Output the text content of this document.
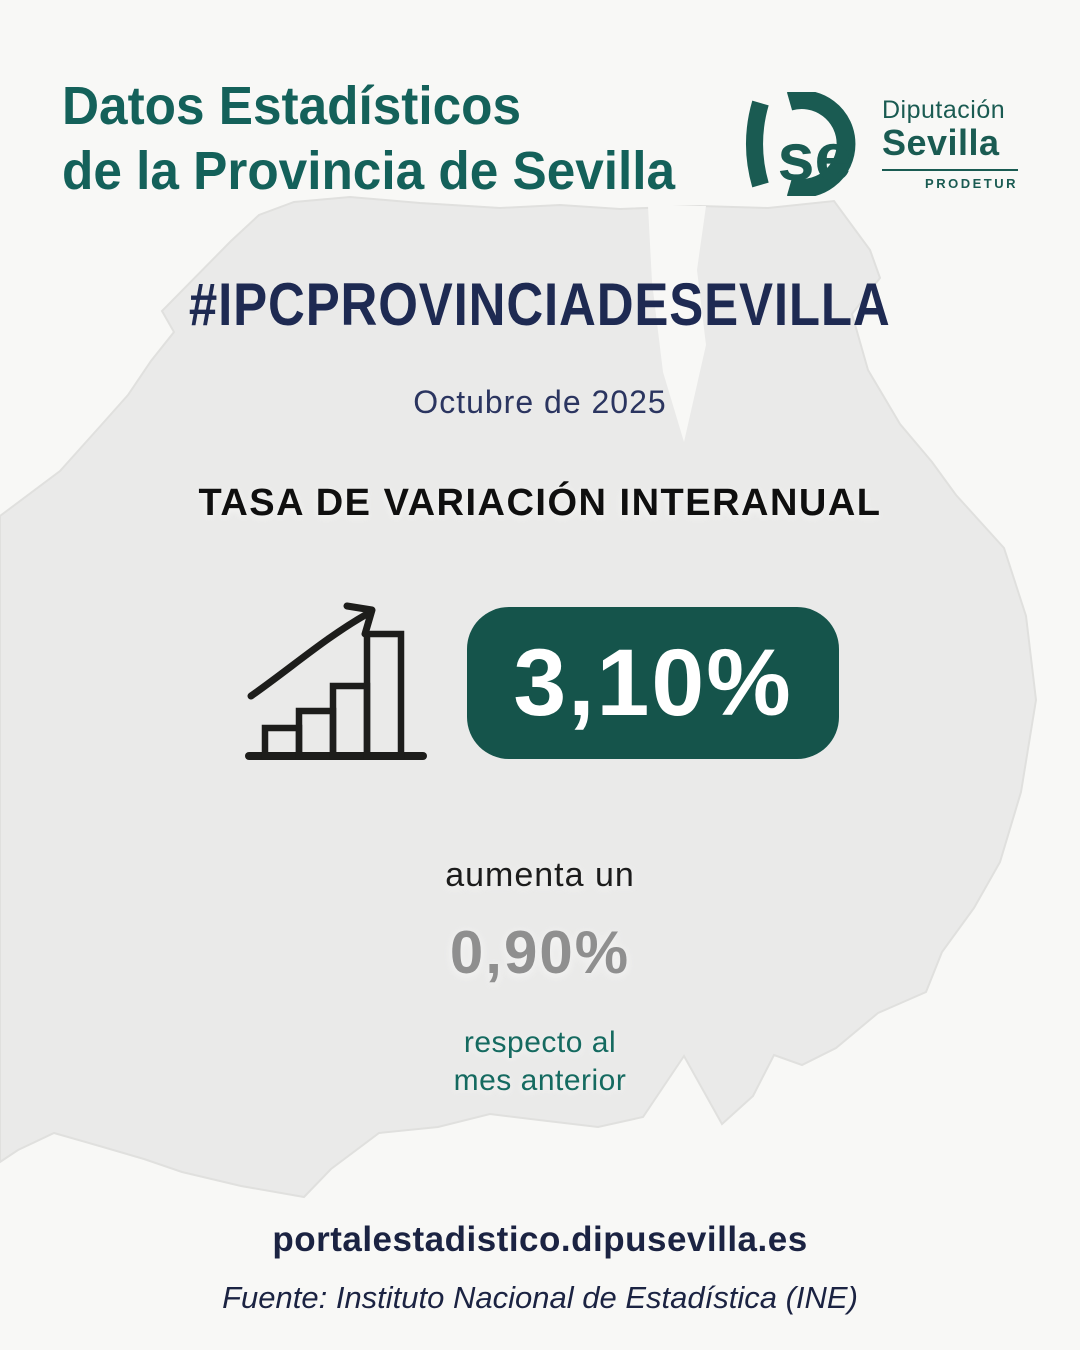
Datos Estadísticos
de la Provincia de Sevilla se
Diputación
Sevilla
PRODETUR
#IPCPROVINCIADESEVILLA
Octubre de 2025
TASA DE VARIACIÓN INTERANUAL
3,10%
aumenta un
0,90%
respecto al
mes anterior
portalestadistico.dipusevilla.es
Fuente: Instituto Nacional de Estadística (INE)
